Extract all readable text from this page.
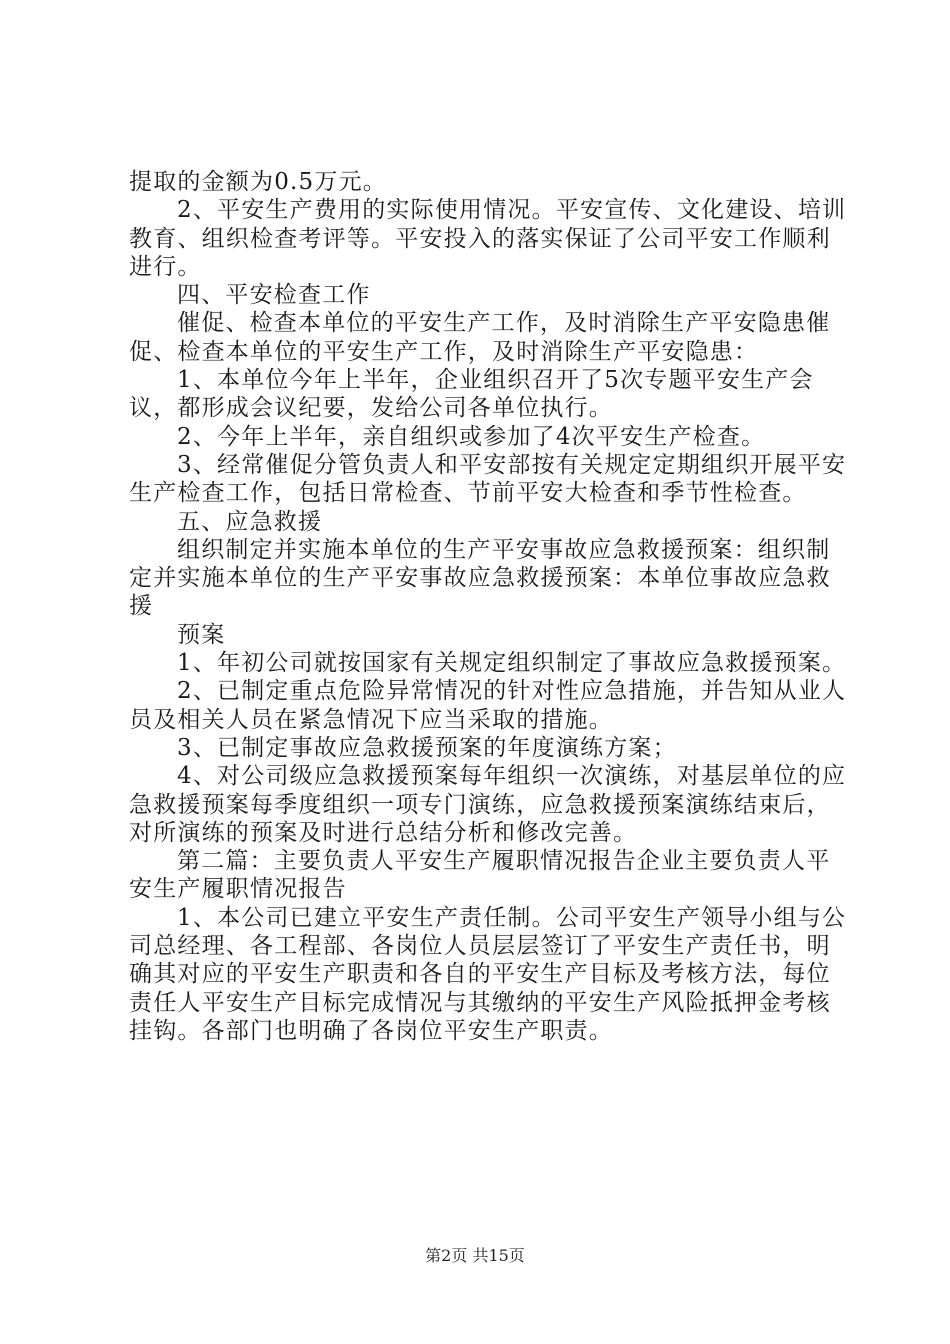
提取的金额为0.5万元。

2、平安生产费用的实际使用情况。平安宣传、文化建设、培训教育、组织检查考评等。平安投入的落实保证了公司平安工作顺利进行。

四、平安检查工作

催促、检查本单位的平安生产工作，及时消除生产平安隐患催促、检查本单位的平安生产工作，及时消除生产平安隐患：

1、本单位今年上半年，企业组织召开了5次专题平安生产会议，都形成会议纪要，发给公司各单位执行。

2、今年上半年，亲自组织或参加了4次平安生产检查。

3、经常催促分管负责人和平安部按有关规定定期组织开展平安生产检查工作，包括日常检查、节前平安大检查和季节性检查。

五、应急救援

组织制定并实施本单位的生产平安事故应急救援预案：组织制定并实施本单位的生产平安事故应急救援预案：本单位事故应急救援

预案

1、年初公司就按国家有关规定组织制定了事故应急救援预案。

2、已制定重点危险异常情况的针对性应急措施，并告知从业人员及相关人员在紧急情况下应当采取的措施。

3、已制定事故应急救援预案的年度演练方案；

4、对公司级应急救援预案每年组织一次演练，对基层单位的应急救援预案每季度组织一项专门演练，应急救援预案演练结束后，对所演练的预案及时进行总结分析和修改完善。

第二篇：主要负责人平安生产履职情况报告企业主要负责人平安生产履职情况报告

1、本公司已建立平安生产责任制。公司平安生产领导小组与公司总经理、各工程部、各岗位人员层层签订了平安生产责任书，明确其对应的平安生产职责和各自的平安生产目标及考核方法，每位责任人平安生产目标完成情况与其缴纳的平安生产风险抵押金考核挂钩。各部门也明确了各岗位平安生产职责。

第2页 共15页
